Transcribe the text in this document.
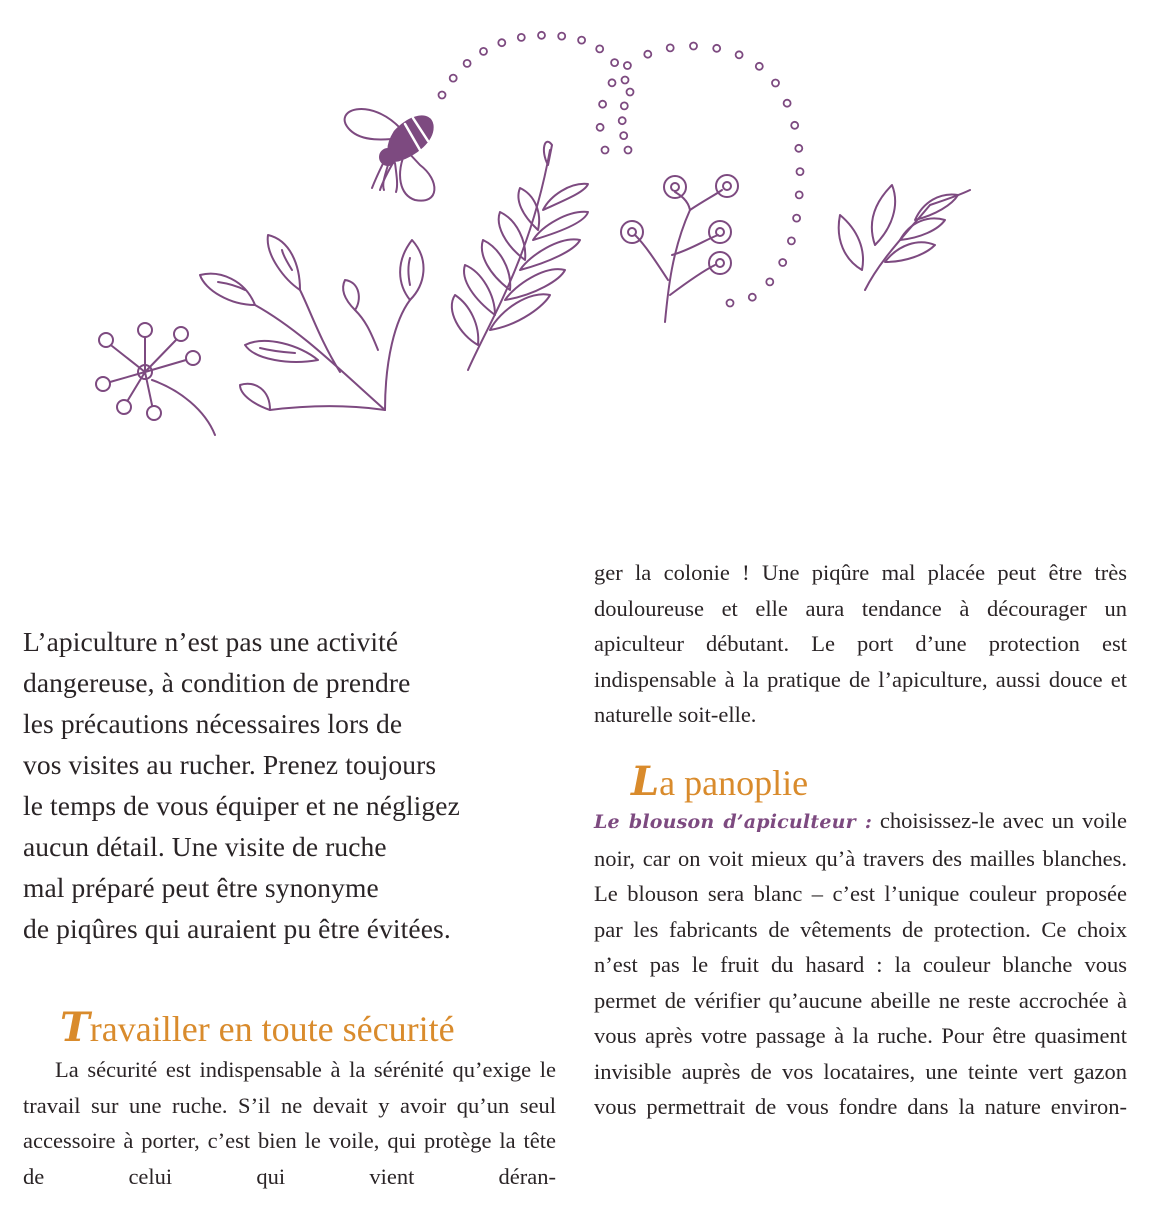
L’apiculture n’est pas une activité
dangereuse, à condition de prendre
les précautions nécessaires lors de
vos visites au rucher. Prenez toujours
le temps de vous équiper et ne négligez
aucun détail. Une visite de ruche
mal préparé peut être synonyme
de piqûres qui auraient pu être évitées.

Travailler en toute sécurité

La sécurité est indispensable à la sérénité qu’exige le travail sur une ruche. S’il ne devait y avoir qu’un seul accessoire à porter, c’est bien le voile, qui protège la tête de celui qui vient déran-

ger la colonie ! Une piqûre mal placée peut être très douloureuse et elle aura tendance à décourager un apiculteur débutant. Le port d’une protection est indispensable à la pratique de l’apiculture, aussi douce et naturelle soit-elle.

La panoplie

Le blouson d’apiculteur : choisissez-le avec un voile noir, car on voit mieux qu’à travers des mailles blanches. Le blouson sera blanc – c’est l’unique couleur proposée par les fabricants de vêtements de protection. Ce choix n’est pas le fruit du hasard : la couleur blanche vous permet de vérifier qu’aucune abeille ne reste accrochée à vous après votre passage à la ruche. Pour être quasiment invisible auprès de vos locataires, une teinte vert gazon vous permettrait de vous fondre dans la nature environ-
